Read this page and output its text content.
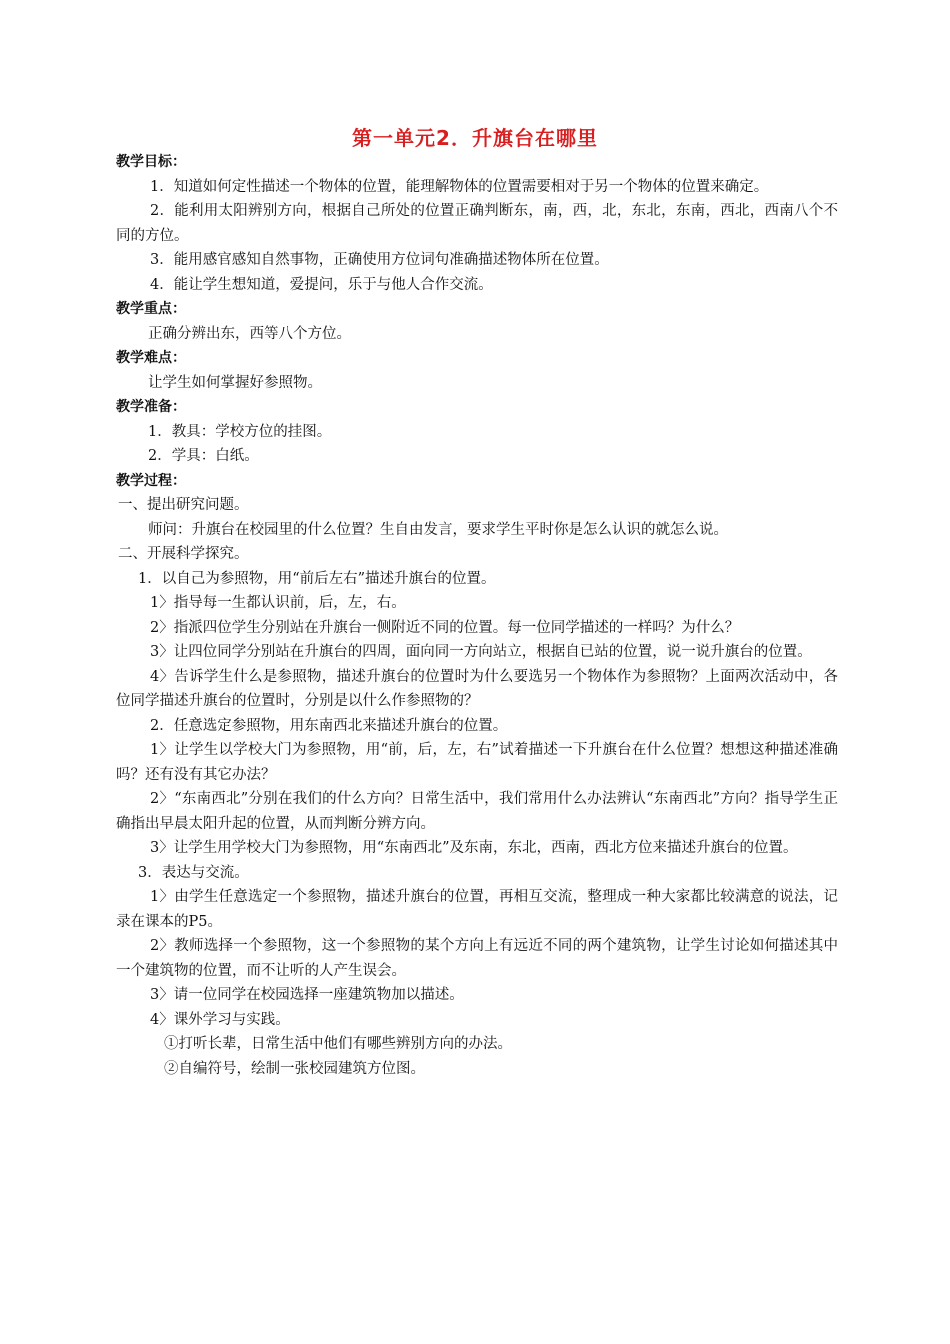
第一单元2．升旗台在哪里
教学目标：
1．知道如何定性描述一个物体的位置，能理解物体的位置需要相对于另一个物体的位置来确定。
2．能利用太阳辨别方向，根据自己所处的位置正确判断东，南，西，北，东北，东南，西北，西南八个不同的方位。
3．能用感官感知自然事物，正确使用方位词句准确描述物体所在位置。
4．能让学生想知道，爱提问，乐于与他人合作交流。
教学重点：
正确分辨出东，西等八个方位。
教学难点：
让学生如何掌握好参照物。
教学准备：
1．教具：学校方位的挂图。
2．学具：白纸。
教学过程：
一、提出研究问题。
师问：升旗台在校园里的什么位置？生自由发言，要求学生平时你是怎么认识的就怎么说。
二、开展科学探究。
1．以自己为参照物，用“前后左右”描述升旗台的位置。
1〉指导每一生都认识前，后，左，右。
2〉指派四位学生分别站在升旗台一侧附近不同的位置。每一位同学描述的一样吗？为什么？
3〉让四位同学分别站在升旗台的四周，面向同一方向站立，根据自已站的位置，说一说升旗台的位置。
4〉告诉学生什么是参照物，描述升旗台的位置时为什么要选另一个物体作为参照物？上面两次活动中，各位同学描述升旗台的位置时，分别是以什么作参照物的？
2．任意选定参照物，用东南西北来描述升旗台的位置。
1〉让学生以学校大门为参照物，用“前，后，左，右”试着描述一下升旗台在什么位置？想想这种描述准确吗？还有没有其它办法？
2〉“东南西北”分别在我们的什么方向？日常生活中，我们常用什么办法辨认“东南西北”方向？指导学生正确指出早晨太阳升起的位置，从而判断分辨方向。
3〉让学生用学校大门为参照物，用“东南西北”及东南，东北，西南，西北方位来描述升旗台的位置。
3．表达与交流。
1〉由学生任意选定一个参照物，描述升旗台的位置，再相互交流，整理成一种大家都比较满意的说法，记录在课本的P5。
2〉教师选择一个参照物，这一个参照物的某个方向上有远近不同的两个建筑物，让学生讨论如何描述其中一个建筑物的位置，而不让听的人产生误会。
3〉请一位同学在校园选择一座建筑物加以描述。
4〉课外学习与实践。
①打听长辈，日常生活中他们有哪些辨别方向的办法。
②自编符号，绘制一张校园建筑方位图。
